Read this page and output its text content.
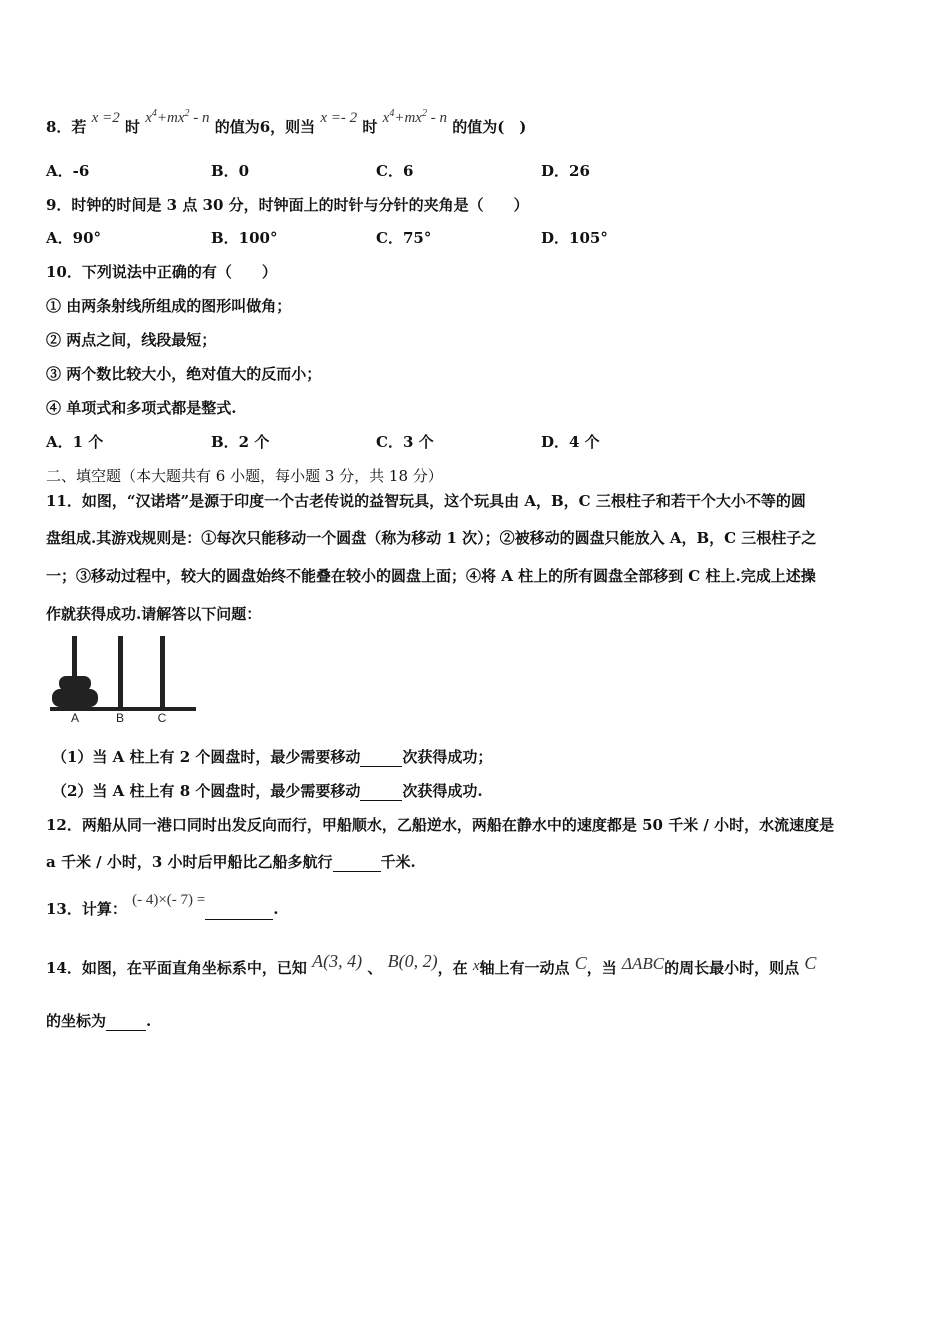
8．若 x =2 时 $x^4+mx^2 - n$ 的值为6，则当 x =- 2 时 $x^4+mx^2 - n$ 的值为(　)
A．-6	B．0	C．6	D．26
9．时钟的时间是 3 点 30 分，时钟面上的时针与分针的夹角是（　　）
A．90°	B．100°	C．75°	D．105°
10．下列说法中正确的有（　　）
① 由两条射线所组成的图形叫做角；
② 两点之间，线段最短；
③ 两个数比较大小，绝对值大的反而小；
④ 单项式和多项式都是整式.
A．1 个	B．2 个	C．3 个	D．4 个
二、填空题（本大题共有 6 小题，每小题 3 分，共 18 分）
11．如图，“汉诺塔”是源于印度一个古老传说的益智玩具，这个玩具由 A，B，C 三根柱子和若干个大小不等的圆
盘组成.其游戏规则是：①每次只能移动一个圆盘（称为移动 1 次）；②被移动的圆盘只能放入 A，B，C 三根柱子之
一；③移动过程中，较大的圆盘始终不能叠在较小的圆盘上面；④将 A 柱上的所有圆盘全部移到 C 柱上.完成上述操
作就获得成功.请解答以下问题：
A	B	C
（1）当 A 柱上有 2 个圆盘时，最少需要移动	次获得成功；
（2）当 A 柱上有 8 个圆盘时，最少需要移动	次获得成功.
12．两船从同一港口同时出发反向而行，甲船顺水，乙船逆水，两船在静水中的速度都是 50 千米 / 小时，水流速度是
a 千米 / 小时，3 小时后甲船比乙船多航行	千米.
13．计算： (- 4)×(- 7) =	.
14．如图，在平面直角坐标系中，已知 A(3, 4) 、 B(0, 2)，在 x轴上有一动点 C，当 ΔABC的周长最小时，则点 C
的坐标为	.
